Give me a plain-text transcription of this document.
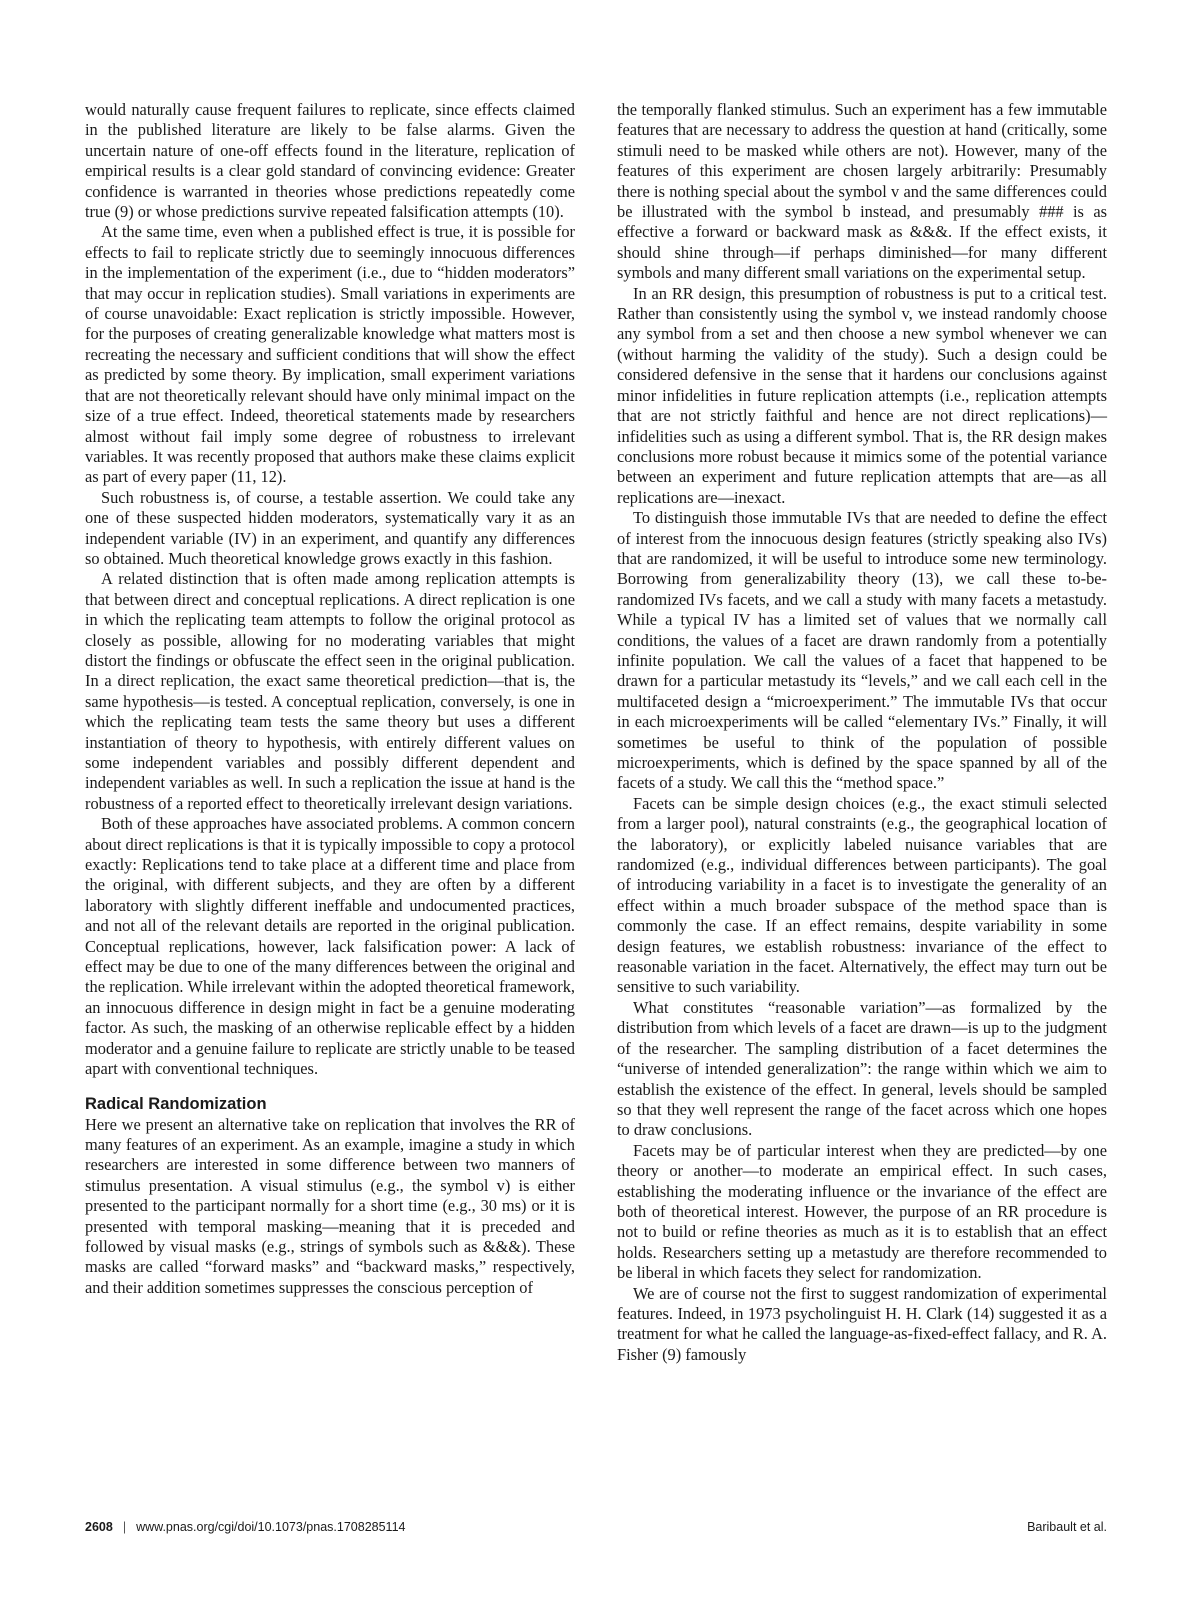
would naturally cause frequent failures to replicate, since effects claimed in the published literature are likely to be false alarms. Given the uncertain nature of one-off effects found in the literature, replication of empirical results is a clear gold standard of convincing evidence: Greater confidence is warranted in theories whose predictions repeatedly come true (9) or whose predictions survive repeated falsification attempts (10).

At the same time, even when a published effect is true, it is possible for effects to fail to replicate strictly due to seemingly innocuous differences in the implementation of the experiment (i.e., due to “hidden moderators” that may occur in replication studies). Small variations in experiments are of course unavoidable: Exact replication is strictly impossible. However, for the purposes of creating generalizable knowledge what matters most is recreating the necessary and sufficient conditions that will show the effect as predicted by some theory. By implication, small experiment variations that are not theoretically relevant should have only minimal impact on the size of a true effect. Indeed, theoretical statements made by researchers almost without fail imply some degree of robustness to irrelevant variables. It was recently proposed that authors make these claims explicit as part of every paper (11, 12).

Such robustness is, of course, a testable assertion. We could take any one of these suspected hidden moderators, systematically vary it as an independent variable (IV) in an experiment, and quantify any differences so obtained. Much theoretical knowledge grows exactly in this fashion.

A related distinction that is often made among replication attempts is that between direct and conceptual replications. A direct replication is one in which the replicating team attempts to follow the original protocol as closely as possible, allowing for no moderating variables that might distort the findings or obfuscate the effect seen in the original publication. In a direct replication, the exact same theoretical prediction—that is, the same hypothesis—is tested. A conceptual replication, conversely, is one in which the replicating team tests the same theory but uses a different instantiation of theory to hypothesis, with entirely different values on some independent variables and possibly different dependent and independent variables as well. In such a replication the issue at hand is the robustness of a reported effect to theoretically irrelevant design variations.

Both of these approaches have associated problems. A common concern about direct replications is that it is typically impossible to copy a protocol exactly: Replications tend to take place at a different time and place from the original, with different subjects, and they are often by a different laboratory with slightly different ineffable and undocumented practices, and not all of the relevant details are reported in the original publication. Conceptual replications, however, lack falsification power: A lack of effect may be due to one of the many differences between the original and the replication. While irrelevant within the adopted theoretical framework, an innocuous difference in design might in fact be a genuine moderating factor. As such, the masking of an otherwise replicable effect by a hidden moderator and a genuine failure to replicate are strictly unable to be teased apart with conventional techniques.

Radical Randomization

Here we present an alternative take on replication that involves the RR of many features of an experiment. As an example, imagine a study in which researchers are interested in some difference between two manners of stimulus presentation. A visual stimulus (e.g., the symbol v) is either presented to the participant normally for a short time (e.g., 30 ms) or it is presented with temporal masking—meaning that it is preceded and followed by visual masks (e.g., strings of symbols such as &&&). These masks are called “forward masks” and “backward masks,” respectively, and their addition sometimes suppresses the conscious perception of

the temporally flanked stimulus. Such an experiment has a few immutable features that are necessary to address the question at hand (critically, some stimuli need to be masked while others are not). However, many of the features of this experiment are chosen largely arbitrarily: Presumably there is nothing special about the symbol v and the same differences could be illustrated with the symbol b instead, and presumably ### is as effective a forward or backward mask as &&&. If the effect exists, it should shine through—if perhaps diminished—for many different symbols and many different small variations on the experimental setup.

In an RR design, this presumption of robustness is put to a critical test. Rather than consistently using the symbol v, we instead randomly choose any symbol from a set and then choose a new symbol whenever we can (without harming the validity of the study). Such a design could be considered defensive in the sense that it hardens our conclusions against minor infidelities in future replication attempts (i.e., replication attempts that are not strictly faithful and hence are not direct replications)—infidelities such as using a different symbol. That is, the RR design makes conclusions more robust because it mimics some of the potential variance between an experiment and future replication attempts that are—as all replications are—inexact.

To distinguish those immutable IVs that are needed to define the effect of interest from the innocuous design features (strictly speaking also IVs) that are randomized, it will be useful to introduce some new terminology. Borrowing from generalizability theory (13), we call these to-be-randomized IVs facets, and we call a study with many facets a metastudy. While a typical IV has a limited set of values that we normally call conditions, the values of a facet are drawn randomly from a potentially infinite population. We call the values of a facet that happened to be drawn for a particular metastudy its “levels,” and we call each cell in the multifaceted design a “microexperiment.” The immutable IVs that occur in each microexperiments will be called “elementary IVs.” Finally, it will sometimes be useful to think of the population of possible microexperiments, which is defined by the space spanned by all of the facets of a study. We call this the “method space.”

Facets can be simple design choices (e.g., the exact stimuli selected from a larger pool), natural constraints (e.g., the geographical location of the laboratory), or explicitly labeled nuisance variables that are randomized (e.g., individual differences between participants). The goal of introducing variability in a facet is to investigate the generality of an effect within a much broader subspace of the method space than is commonly the case. If an effect remains, despite variability in some design features, we establish robustness: invariance of the effect to reasonable variation in the facet. Alternatively, the effect may turn out be sensitive to such variability.

What constitutes “reasonable variation”—as formalized by the distribution from which levels of a facet are drawn—is up to the judgment of the researcher. The sampling distribution of a facet determines the “universe of intended generalization”: the range within which we aim to establish the existence of the effect. In general, levels should be sampled so that they well represent the range of the facet across which one hopes to draw conclusions.

Facets may be of particular interest when they are predicted—by one theory or another—to moderate an empirical effect. In such cases, establishing the moderating influence or the invariance of the effect are both of theoretical interest. However, the purpose of an RR procedure is not to build or refine theories as much as it is to establish that an effect holds. Researchers setting up a metastudy are therefore recommended to be liberal in which facets they select for randomization.

We are of course not the first to suggest randomization of experimental features. Indeed, in 1973 psycholinguist H. H. Clark (14) suggested it as a treatment for what he called the language-as-fixed-effect fallacy, and R. A. Fisher (9) famously

2608 | www.pnas.org/cgi/doi/10.1073/pnas.1708285114	Baribault et al.
